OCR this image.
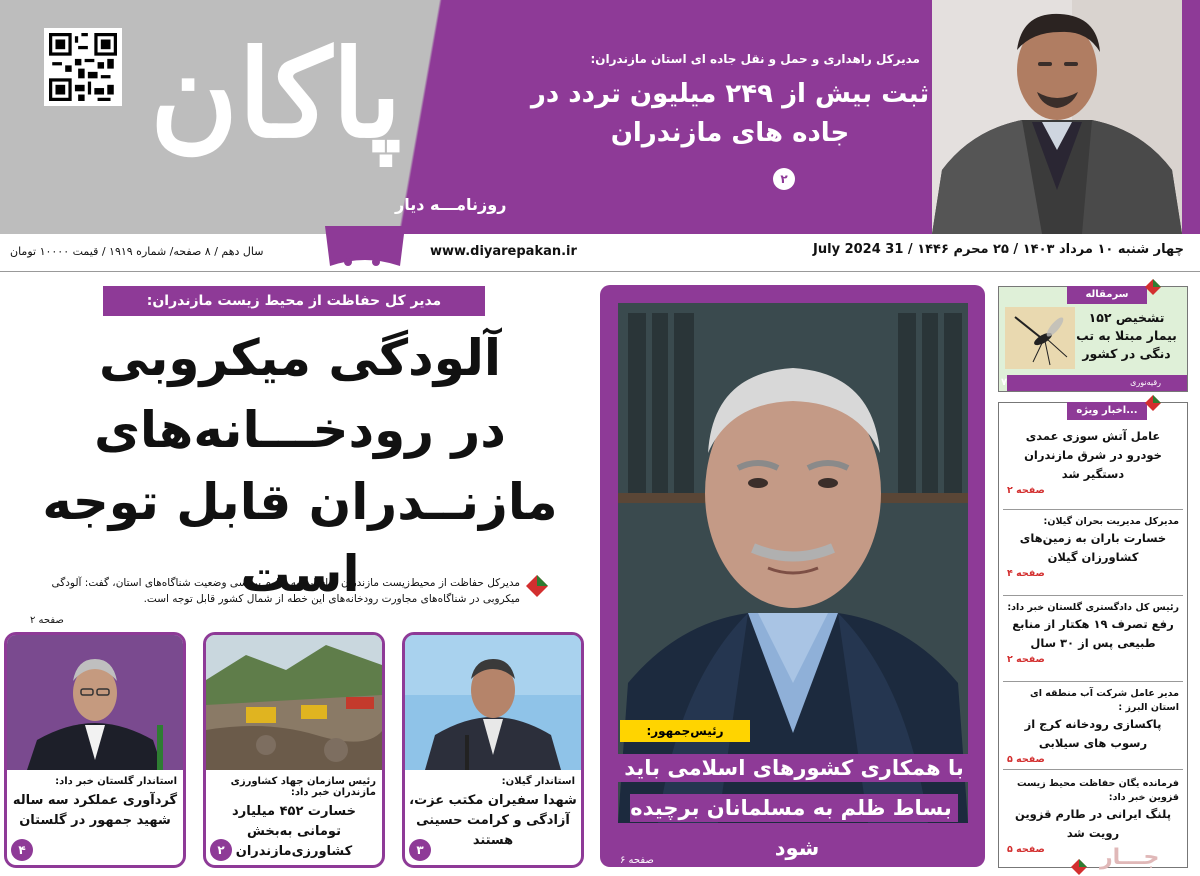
پاکان
روزنامـــه دیار
مدیرکل راهداری و حمل و نقل جاده ای استان مازندران:
ثبت بیش از ۲۴۹ میلیون تردد در
جاده های مازندران
۲
چهار شنبه ۱۰ مرداد ۱۴۰۳ / ۲۵ محرم ۱۴۴۶ / 31 July 2024
www.diyarepakan.ir
سال دهم / ۸ صفحه/ شماره ۱۹۱۹ / قیمت ۱۰۰۰۰ تومان
مدیر کل حفاظت از محیط زیست مازندران:
آلودگی میکروبی
در رودخـــانه‌های
مازنــدران قابل توجه است
مدیرکل حفاظت از محیط‌زیست مازندران با اشاره به تداوم بررسی وضعیت شناگاه‌های استان، گفت: آلودگی میکروبی در شناگاه‌های مجاورت رودخانه‌های این خطه از شمال کشور قابل توجه است.
صفحه ۲
استاندار گیلان:
شهدا سفیران مکتب عزت، آزادگی و کرامت حسینی هستند
۳
رئیس سازمان جهاد کشاورزی مازندران خبر داد:
خسارت ۴۵۲ میلیارد تومانی به‌بخش کشاورزی‌مازندران
۲
استاندار گلستان خبر داد:
گردآوری عملکرد سه ساله شهید جمهور در گلستان
۴
رئیس‌جمهور:
با همکاری کشورهای اسلامی باید
بساط ظلم به مسلمانان برچیده شود
صفحه ۶
سرمقاله
تشخیص ۱۵۲ بیمار مبتلا به تب دنگی در کشور
رقیه‌نوری
۷
اخبار ویژه...
عامل آتش سوزی عمدی خودرو در شرق مازندران دستگیر شد
صفحه ۲
مدیرکل مدیریت بحران گیلان:
خسارت باران به زمین‌های کشاورزان گیلان
صفحه ۴
رئیس کل دادگستری گلستان خبر داد:
رفع تصرف ۱۹ هکتار از منابع طبیعی پس از ۳۰ سال
صفحه ۲
مدیر عامل شرکت آب منطقه ای استان البرز :
پاکسازی رودخانه کرج از رسوب های سیلابی
صفحه ۵
فرمانده یگان حفاظت محیط زیست قزوین خبر داد:
پلنگ ایرانی در طارم قزوین رویت شد
صفحه ۵	جـــار
